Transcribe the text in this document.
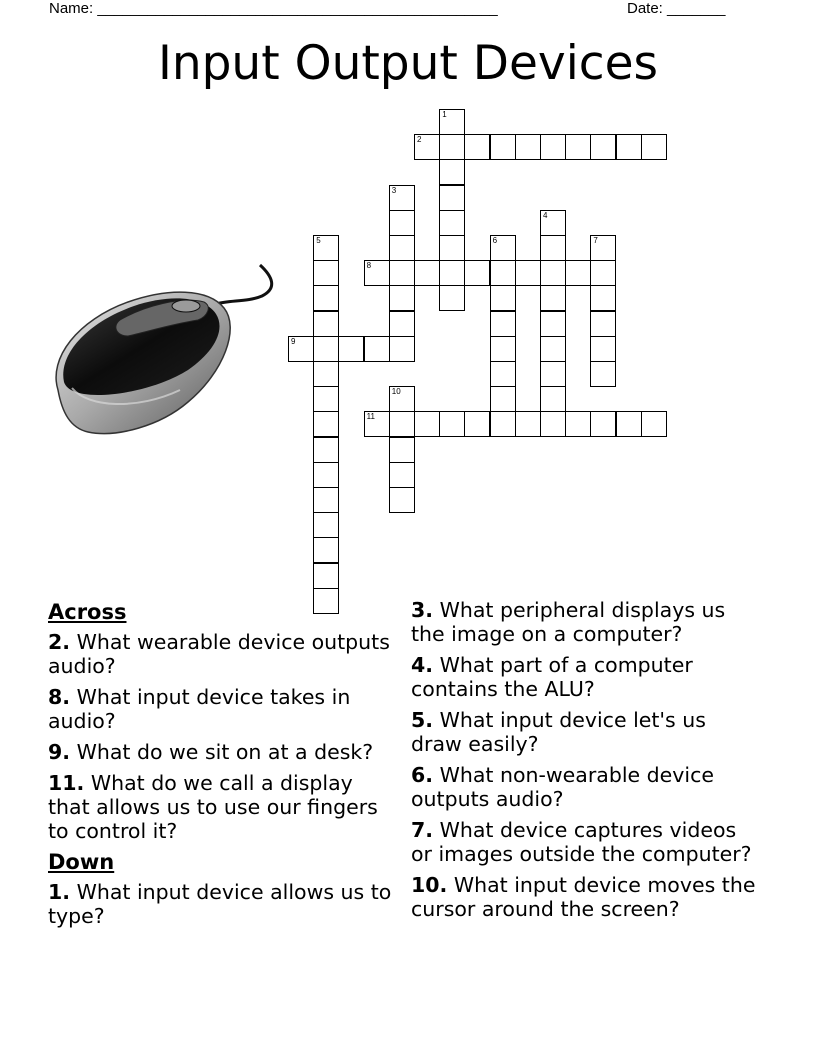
Name: ________________________________________________	Date: _______
Input Output Devices
1
2
3
4
5	6	7
8
9
10
11
Across
2. What wearable device outputs audio?
8. What input device takes in audio?
9. What do we sit on at a desk?
11. What do we call a display that allows us to use our fingers to control it?
Down
1. What input device allows us to type?
3. What peripheral displays us the image on a computer?
4. What part of a computer contains the ALU?
5. What input device let's us draw easily?
6. What non-wearable device outputs audio?
7. What device captures videos or images outside the computer?
10. What input device moves the cursor around the screen?
